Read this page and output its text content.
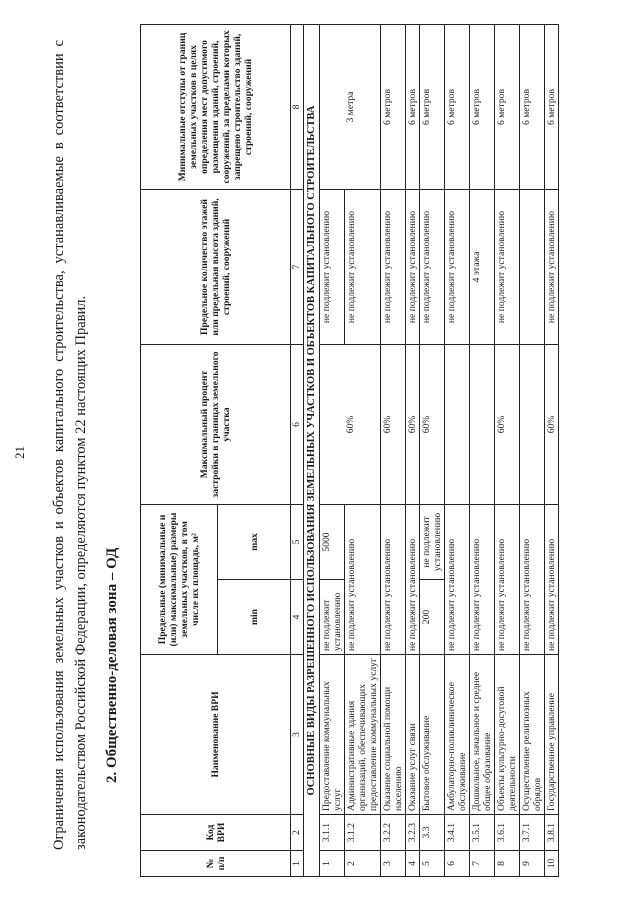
21 Ограничения использования земельных участков и объектов капитального строительства, устанавливаемые в соответствии с законодательством Российской Федерации, определяются пунктом 22 настоящих Правил. 2. Общественно-деловая зона – ОД
№ п/п	Код ВРИ	Наименование ВРИ	Предельные (минимальные и (или) максимальные) размеры земельных участков, в том числе их площадь, м²		Максимальный процент застройки в границах земельного участка	Предельное количество этажей или предельная высота зданий, строений, сооружений	Минимальные отступы от границ земельных участков в целях определения мест допустимого размещения зданий, строений, сооружений, за пределами которых запрещено строительство зданий, строений, сооружений
			min	max			
1	2	3	4	5	6	7	8
ОСНОВНЫЕ ВИДЫ РАЗРЕШЕННОГО ИСПОЛЬЗОВАНИЯ ЗЕМЕЛЬНЫХ УЧАСТКОВ И ОБЪЕКТОВ КАПИТАЛЬНОГО СТРОИТЕЛЬСТВА							
1	3.1.1	Предоставление коммунальных услуг	не подлежит установлению	5000	60%	не подлежит установлению	3 метра
2	3.1.2	Административные здания организаций, обеспечивающих предоставление коммунальных услуг	не подлежит установлению			не подлежит установлению	
3	3.2.2	Оказание социальной помощи населению	не подлежит установлению		60%	не подлежит установлению	6 метров
4	3.2.3	Оказание услуг связи	не подлежит установлению		60%	не подлежит установлению	6 метров
5	3.3	Бытовое обслуживание	200	не подлежит установлению	60%	не подлежит установлению	6 метров
6	3.4.1	Амбулаторно-поликлиническое обслуживание	не подлежит установлению			не подлежит установлению	6 метров
7	3.5.1	Дошкольное, начальное и среднее общее образование	не подлежит установлению			4 этажа	6 метров
8	3.6.1	Объекты культурно-досуговой деятельности	не подлежит установлению		60%	не подлежит установлению	6 метров
9	3.7.1	Осуществление религиозных обрядов	не подлежит установлению				6 метров
10	3.8.1	Государственное управление	не подлежит установлению		60%	не подлежит установлению	6 метров
